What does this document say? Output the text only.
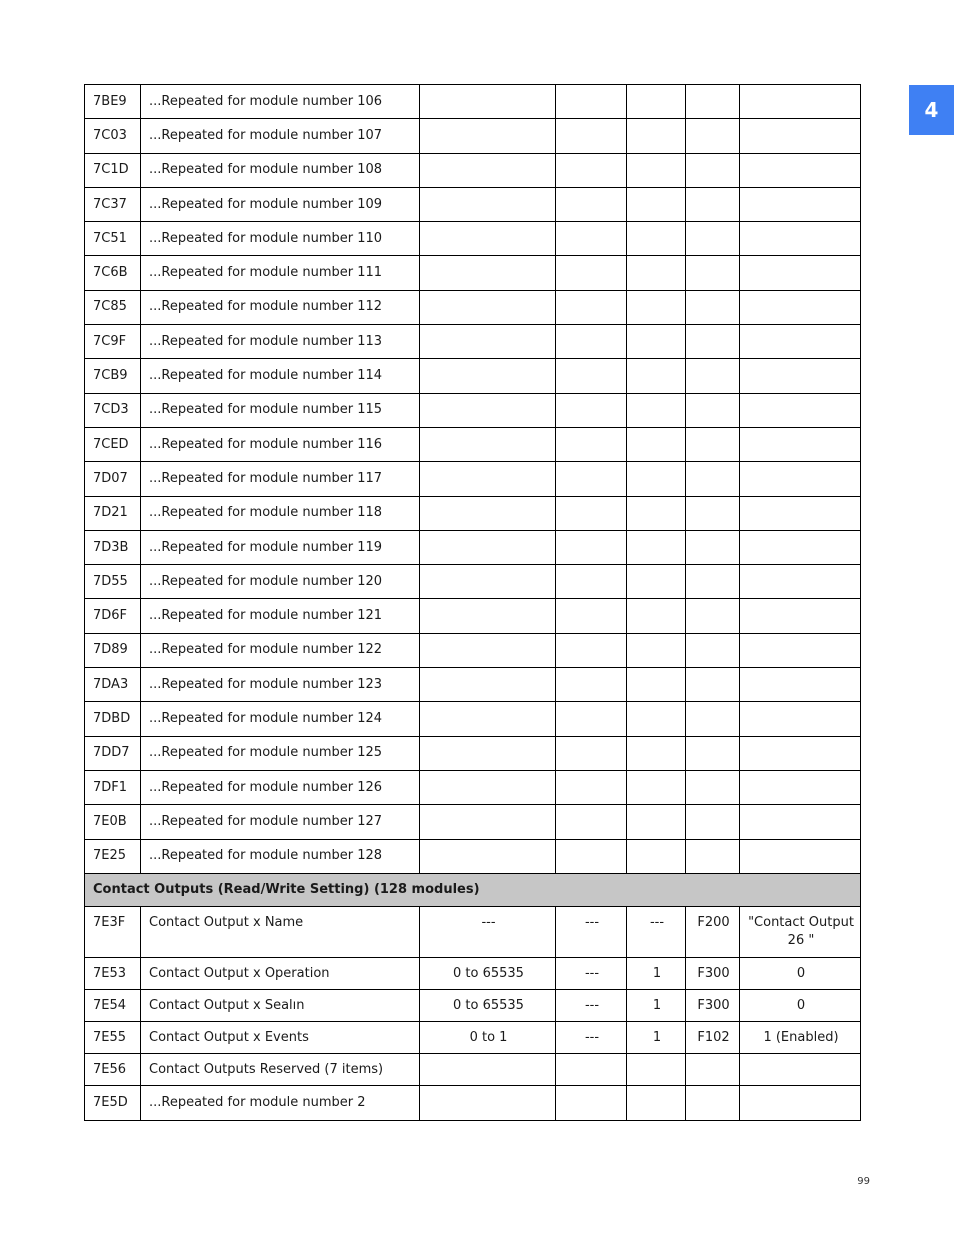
4
7BE9	...Repeated for module number 106					
7C03	...Repeated for module number 107					
7C1D	...Repeated for module number 108					
7C37	...Repeated for module number 109					
7C51	...Repeated for module number 110					
7C6B	...Repeated for module number 111					
7C85	...Repeated for module number 112					
7C9F	...Repeated for module number 113					
7CB9	...Repeated for module number 114					
7CD3	...Repeated for module number 115					
7CED	...Repeated for module number 116					
7D07	...Repeated for module number 117					
7D21	...Repeated for module number 118					
7D3B	...Repeated for module number 119					
7D55	...Repeated for module number 120					
7D6F	...Repeated for module number 121					
7D89	...Repeated for module number 122					
7DA3	...Repeated for module number 123					
7DBD	...Repeated for module number 124					
7DD7	...Repeated for module number 125					
7DF1	...Repeated for module number 126					
7E0B	...Repeated for module number 127					
7E25	...Repeated for module number 128					
Contact Outputs (Read/Write Setting) (128 modules)						
7E3F	Contact Output x Name	---	---	---	F200	"Contact Output 26 "
7E53	Contact Output x Operation	0 to 65535	---	1	F300	0
7E54	Contact Output x Sealın	0 to 65535	---	1	F300	0
7E55	Contact Output x Events	0 to 1	---	1	F102	1 (Enabled)
7E56	Contact Outputs Reserved (7 items)					
7E5D	...Repeated for module number 2					
99
